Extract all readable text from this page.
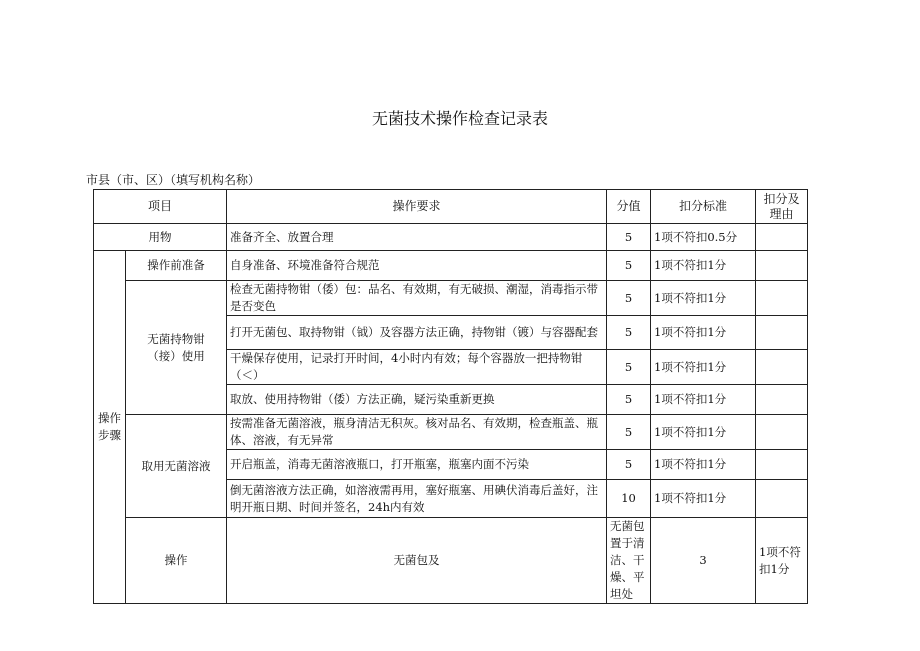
无菌技术操作检查记录表
市县（市、区）（填写机构名称）
项目		操作要求	分值	扣分标准	扣分及理由	
用物		准备齐全、放置合理	5	1项不符扣0.5分		
操作步骤	操作前准备	自身准备、环境准备符合规范	5	1项不符扣1分		
	无菌持物钳（接）使用	检查无菌持物钳（倭）包：品名、有效期，有无破损、潮湿，消毒指示带是否变色	5	1项不符扣1分		
		打开无菌包、取持物钳（钺）及容器方法正确，持物钳（镀）与容器配套	5	1项不符扣1分		
		干燥保存使用，记录打开时间，4小时内有效；每个容器放一把持物钳（＜）	5	1项不符扣1分		
		取放、使用持物钳（倭）方法正确，疑污染重新更换	5	1项不符扣1分		
	取用无菌溶液	按需准备无菌溶液，瓶身清洁无积灰。核对品名、有效期，检查瓶盖、瓶体、溶液，有无异常	5	1项不符扣1分		
		开启瓶盖，消毒无菌溶液瓶口，打开瓶塞，瓶塞内面不污染	5	1项不符扣1分		
		倒无菌溶液方法正确，如溶液需再用，塞好瓶塞、用碘伏消毒后盖好，注明开瓶日期、时间并签名，24h内有效	10	1项不符扣1分		
	操作	无菌包及	无菌包置于清洁、干燥、平坦处	3	1项不符扣1分	
